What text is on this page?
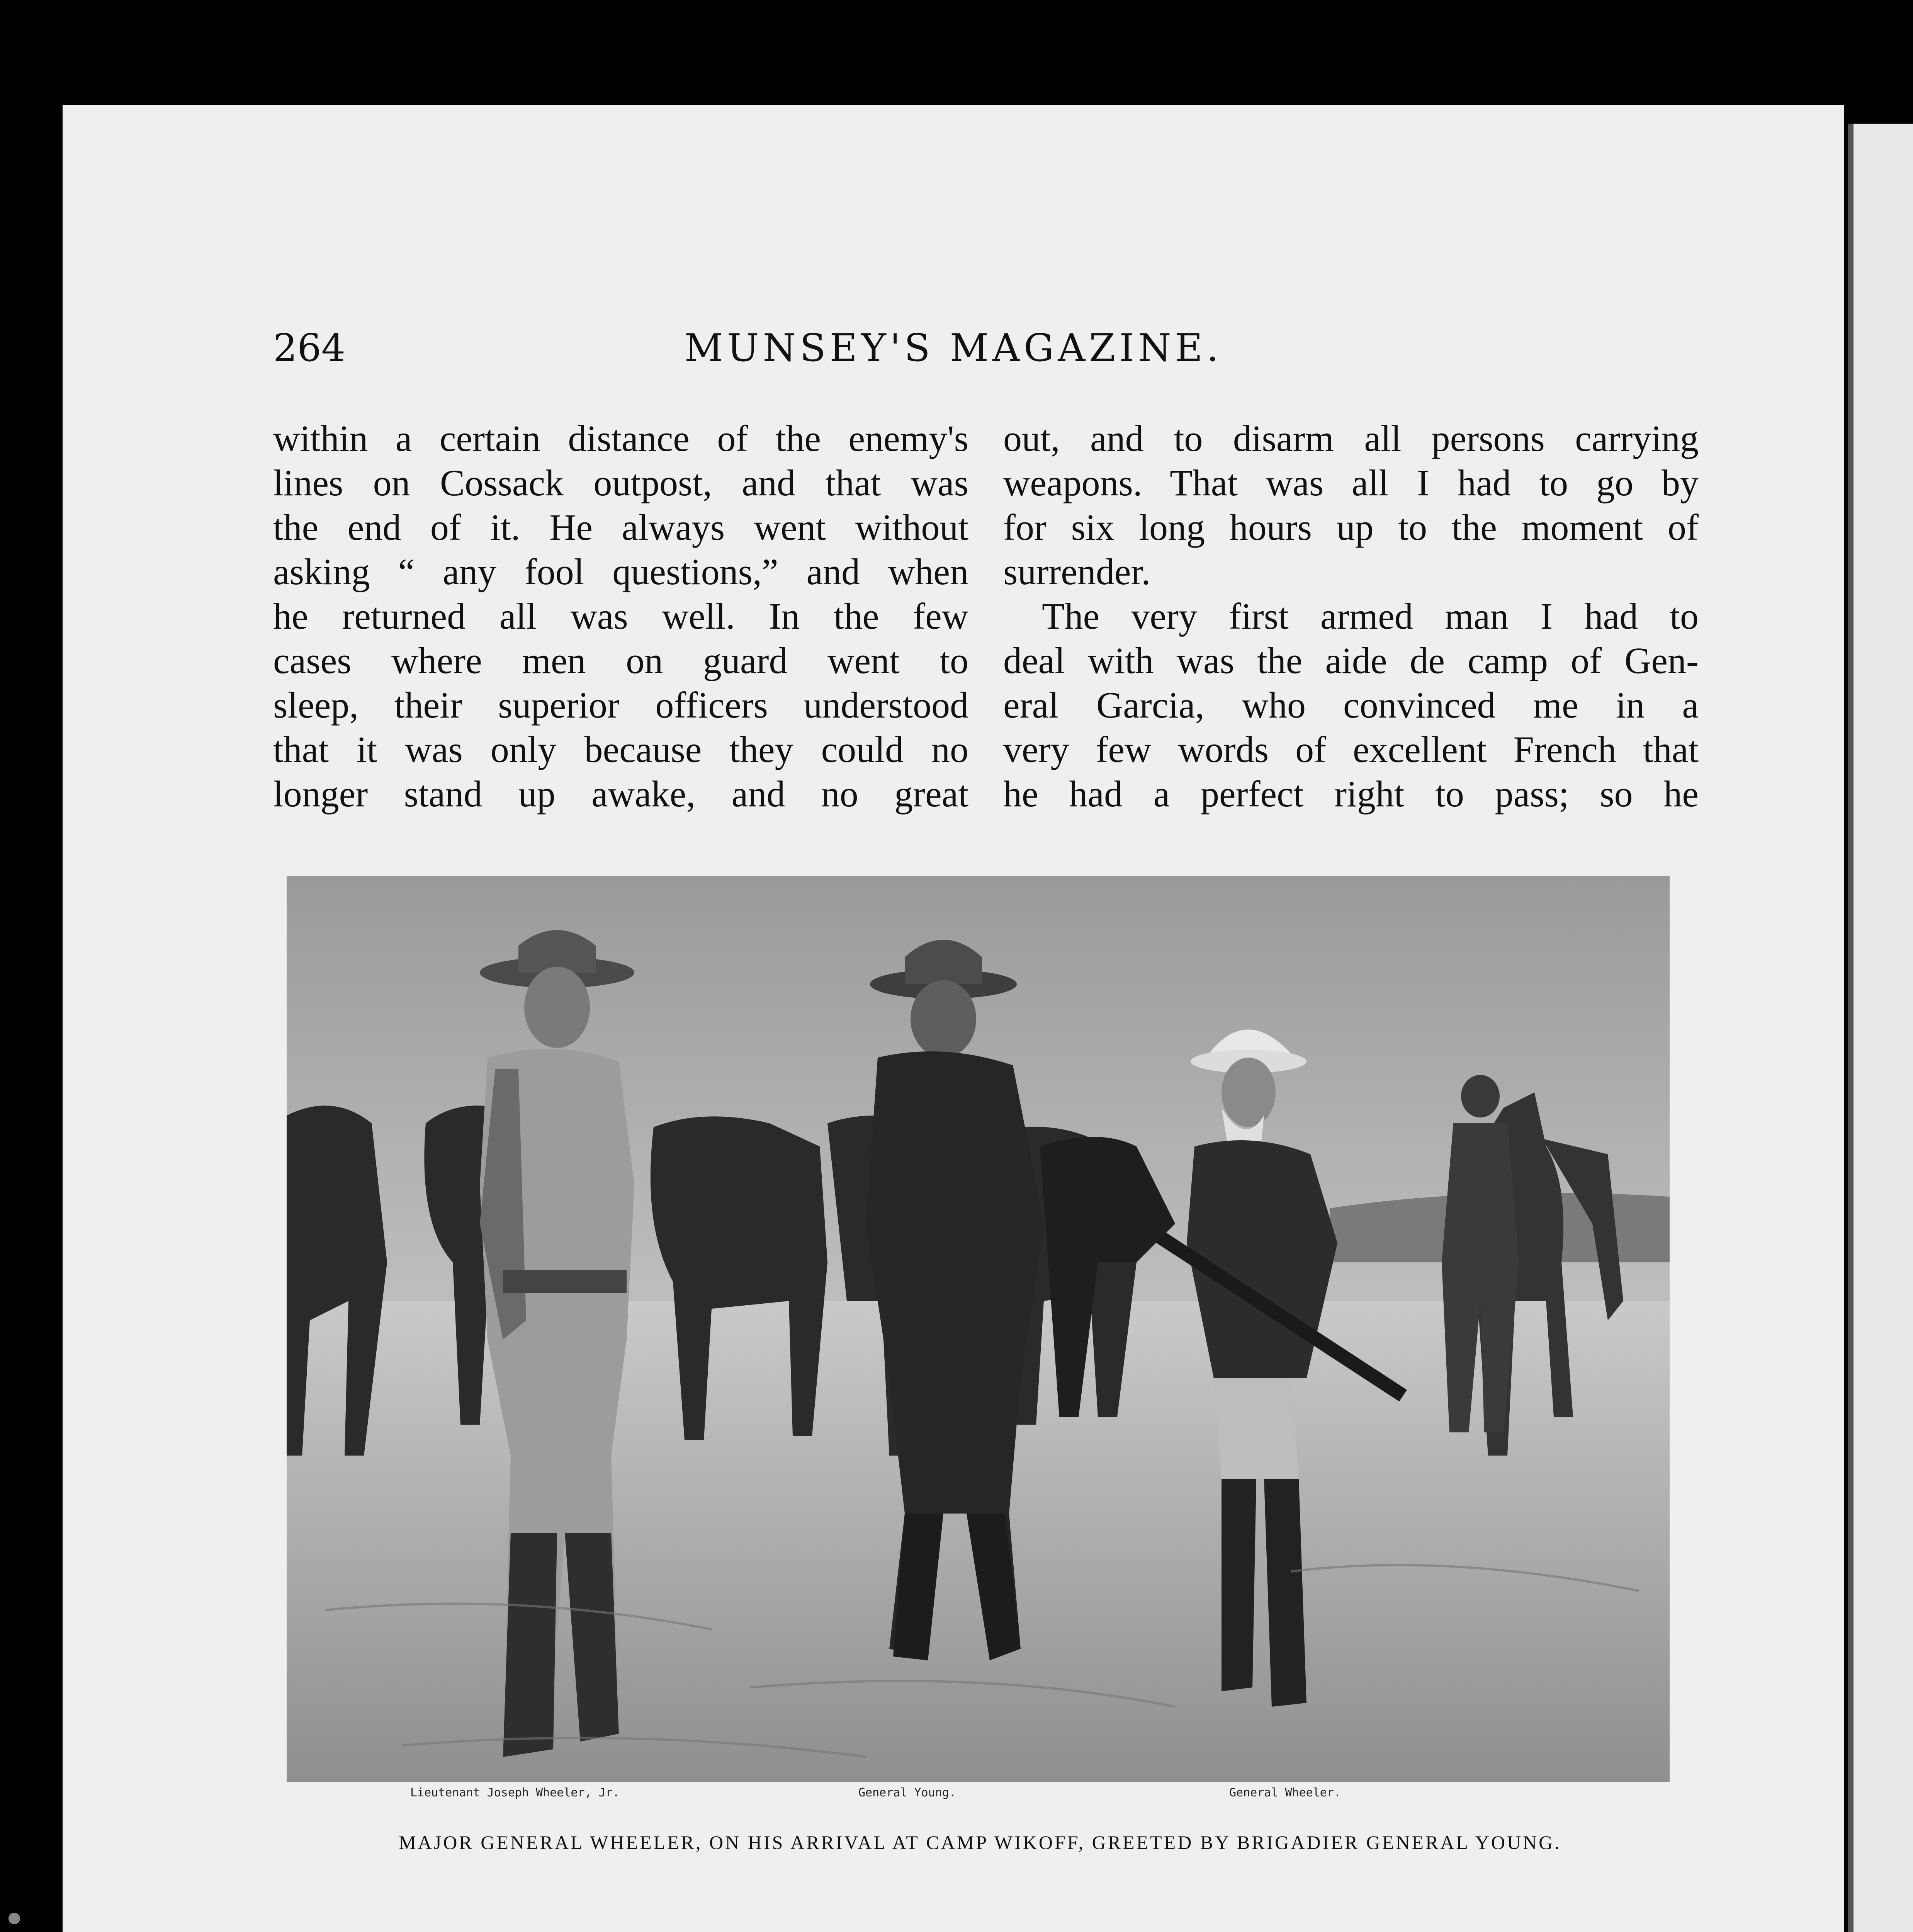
264	MUNSEY'S MAGAZINE.

within a certain distance of the enemy's

lines on Cossack outpost, and that was

the end of it. He always went without

asking “ any fool questions,” and when

he returned all was well. In the few

cases where men on guard went to

sleep, their superior officers understood

that it was only because they could no

longer stand up awake, and no great

out, and to disarm all persons carrying

weapons. That was all I had to go by

for six long hours up to the moment of

surrender.

The very first armed man I had to

deal with was the aide de camp of Gen-

eral Garcia, who convinced me in a

very few words of excellent French that

he had a perfect right to pass; so he

Lieutenant Joseph Wheeler, Jr.	General Young.	General Wheeler.
MAJOR GENERAL WHEELER, ON HIS ARRIVAL AT CAMP WIKOFF, GREETED BY BRIGADIER GENERAL YOUNG.
